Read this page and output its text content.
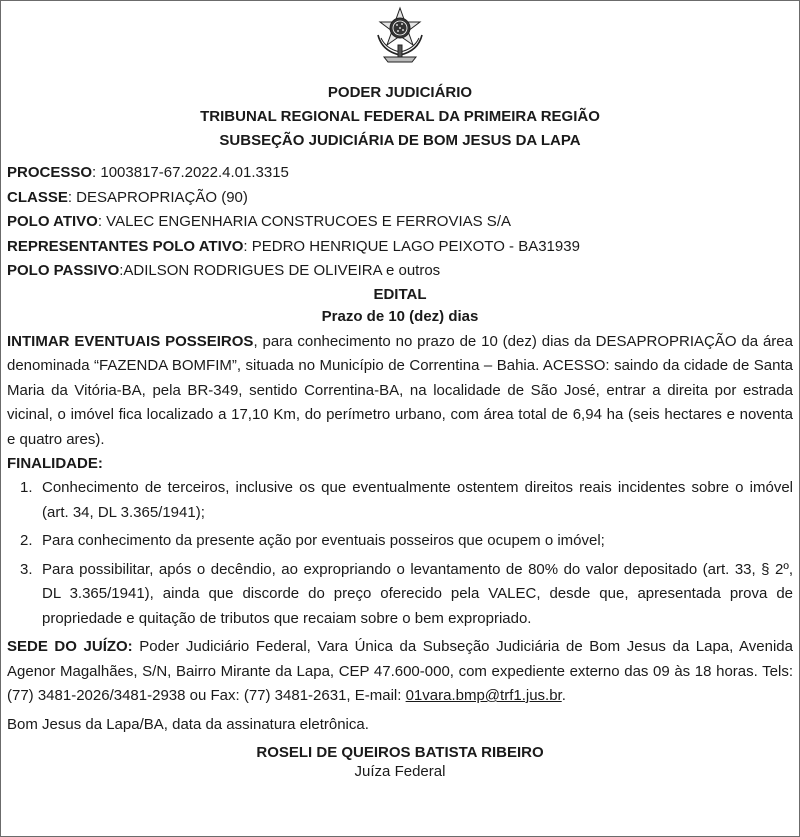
PODER JUDICIÁRIO
TRIBUNAL REGIONAL FEDERAL DA PRIMEIRA REGIÃO
SUBSEÇÃO JUDICIÁRIA DE BOM JESUS DA LAPA
PROCESSO: 1003817-67.2022.4.01.3315
CLASSE: DESAPROPRIAÇÃO (90)
POLO ATIVO: VALEC ENGENHARIA CONSTRUCOES E FERROVIAS S/A
REPRESENTANTES POLO ATIVO: PEDRO HENRIQUE LAGO PEIXOTO - BA31939
POLO PASSIVO:ADILSON RODRIGUES DE OLIVEIRA e outros
EDITAL
Prazo de 10 (dez) dias
INTIMAR EVENTUAIS POSSEIROS, para conhecimento no prazo de 10 (dez) dias da DESAPROPRIAÇÃO da área denominada “FAZENDA BOMFIM”, situada no Município de Correntina – Bahia. ACESSO: saindo da cidade de Santa Maria da Vitória-BA, pela BR-349, sentido Correntina-BA, na localidade de São José, entrar a direita por estrada vicinal, o imóvel fica localizado a 17,10 Km, do perímetro urbano, com área total de 6,94 ha (seis hectares e noventa e quatro ares).
FINALIDADE:
1. Conhecimento de terceiros, inclusive os que eventualmente ostentem direitos reais incidentes sobre o imóvel (art. 34, DL 3.365/1941);
2. Para conhecimento da presente ação por eventuais posseiros que ocupem o imóvel;
3. Para possibilitar, após o decêndio, ao expropriando o levantamento de 80% do valor depositado (art. 33, § 2º, DL 3.365/1941), ainda que discorde do preço oferecido pela VALEC, desde que, apresentada prova de propriedade e quitação de tributos que recaiam sobre o bem expropriado.
SEDE DO JUÍZO: Poder Judiciário Federal, Vara Única da Subseção Judiciária de Bom Jesus da Lapa, Avenida Agenor Magalhães, S/N, Bairro Mirante da Lapa, CEP 47.600-000, com expediente externo das 09 às 18 horas. Tels: (77) 3481-2026/3481-2938 ou Fax: (77) 3481-2631, E-mail: 01vara.bmp@trf1.jus.br.
Bom Jesus da Lapa/BA, data da assinatura eletrônica.
ROSELI DE QUEIROS BATISTA RIBEIRO
Juíza Federal
